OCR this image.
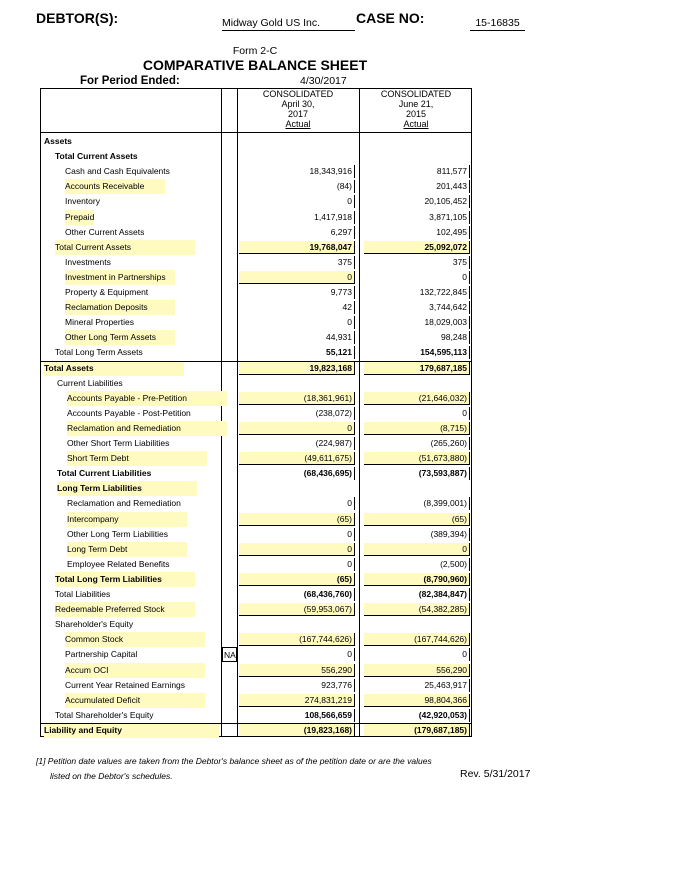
DEBTOR(S):	Midway Gold US Inc.	CASE NO:	15-16835
Form 2-C
COMPARATIVE BALANCE SHEET
For Period Ended:	4/30/2017
CONSOLIDATED
April 30,
2017
Actual
CONSOLIDATED
June 21,
2015
Actual
Assets
Total Current Assets
Cash and Cash Equivalents	18,343,916	811,577
Accounts Receivable	(84)	201,443
Inventory	0	20,105,452
Prepaid	1,417,918	3,871,105
Other Current Assets	6,297	102,495
Total Current Assets	19,768,047	25,092,072
Investments	375	375
Investment in Partnerships	0	0
Property & Equipment	9,773	132,722,845
Reclamation Deposits	42	3,744,642
Mineral Properties	0	18,029,003
Other Long Term Assets	44,931	98,248
Total Long Term Assets	55,121	154,595,113
Total Assets	19,823,168	179,687,185
Current Liabilities
Accounts Payable - Pre-Petition	(18,361,961)	(21,646,032)
Accounts Payable - Post-Petition	(238,072)	0
Reclamation and Remediation	0	(8,715)
Other Short Term Liabilities	(224,987)	(265,260)
Short Term Debt	(49,611,675)	(51,673,880)
Total Current Liabilities	(68,436,695)	(73,593,887)
Long Term Liabilities
Reclamation and Remediation	0	(8,399,001)
Intercompany	(65)	(65)
Other Long Term Liabilities	0	(389,394)
Long Term Debt	0	0
Employee Related Benefits	0	(2,500)
Total Long Term Liabilities	(65)	(8,790,960)
Total Liabilities	(68,436,760)	(82,384,847)
Redeemable Preferred Stock	(59,953,067)	(54,382,285)
Shareholder's Equity
Common Stock	(167,744,626)	(167,744,626)
Partnership Capital	NA	0	0
Accum OCI	556,290	556,290
Current Year Retained Earnings	923,776	25,463,917
Accumulated Deficit	274,831,219	98,804,366
Total Shareholder's Equity	108,566,659	(42,920,053)
Liability and Equity	(19,823,168)	(179,687,185)
[1] Petition date values are taken from the Debtor's balance sheet as of the petition date or are the values
listed on the Debtor's schedules.	Rev. 5/31/2017
